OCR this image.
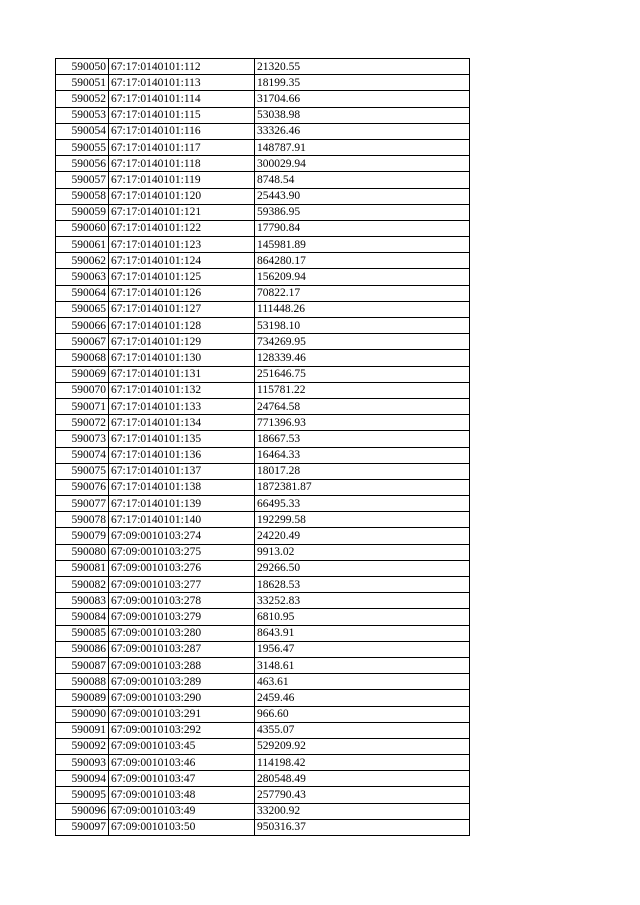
590050	67:17:0140101:112	21320.55
590051	67:17:0140101:113	18199.35
590052	67:17:0140101:114	31704.66
590053	67:17:0140101:115	53038.98
590054	67:17:0140101:116	33326.46
590055	67:17:0140101:117	148787.91
590056	67:17:0140101:118	300029.94
590057	67:17:0140101:119	8748.54
590058	67:17:0140101:120	25443.90
590059	67:17:0140101:121	59386.95
590060	67:17:0140101:122	17790.84
590061	67:17:0140101:123	145981.89
590062	67:17:0140101:124	864280.17
590063	67:17:0140101:125	156209.94
590064	67:17:0140101:126	70822.17
590065	67:17:0140101:127	111448.26
590066	67:17:0140101:128	53198.10
590067	67:17:0140101:129	734269.95
590068	67:17:0140101:130	128339.46
590069	67:17:0140101:131	251646.75
590070	67:17:0140101:132	115781.22
590071	67:17:0140101:133	24764.58
590072	67:17:0140101:134	771396.93
590073	67:17:0140101:135	18667.53
590074	67:17:0140101:136	16464.33
590075	67:17:0140101:137	18017.28
590076	67:17:0140101:138	1872381.87
590077	67:17:0140101:139	66495.33
590078	67:17:0140101:140	192299.58
590079	67:09:0010103:274	24220.49
590080	67:09:0010103:275	9913.02
590081	67:09:0010103:276	29266.50
590082	67:09:0010103:277	18628.53
590083	67:09:0010103:278	33252.83
590084	67:09:0010103:279	6810.95
590085	67:09:0010103:280	8643.91
590086	67:09:0010103:287	1956.47
590087	67:09:0010103:288	3148.61
590088	67:09:0010103:289	463.61
590089	67:09:0010103:290	2459.46
590090	67:09:0010103:291	966.60
590091	67:09:0010103:292	4355.07
590092	67:09:0010103:45	529209.92
590093	67:09:0010103:46	114198.42
590094	67:09:0010103:47	280548.49
590095	67:09:0010103:48	257790.43
590096	67:09:0010103:49	33200.92
590097	67:09:0010103:50	950316.37
